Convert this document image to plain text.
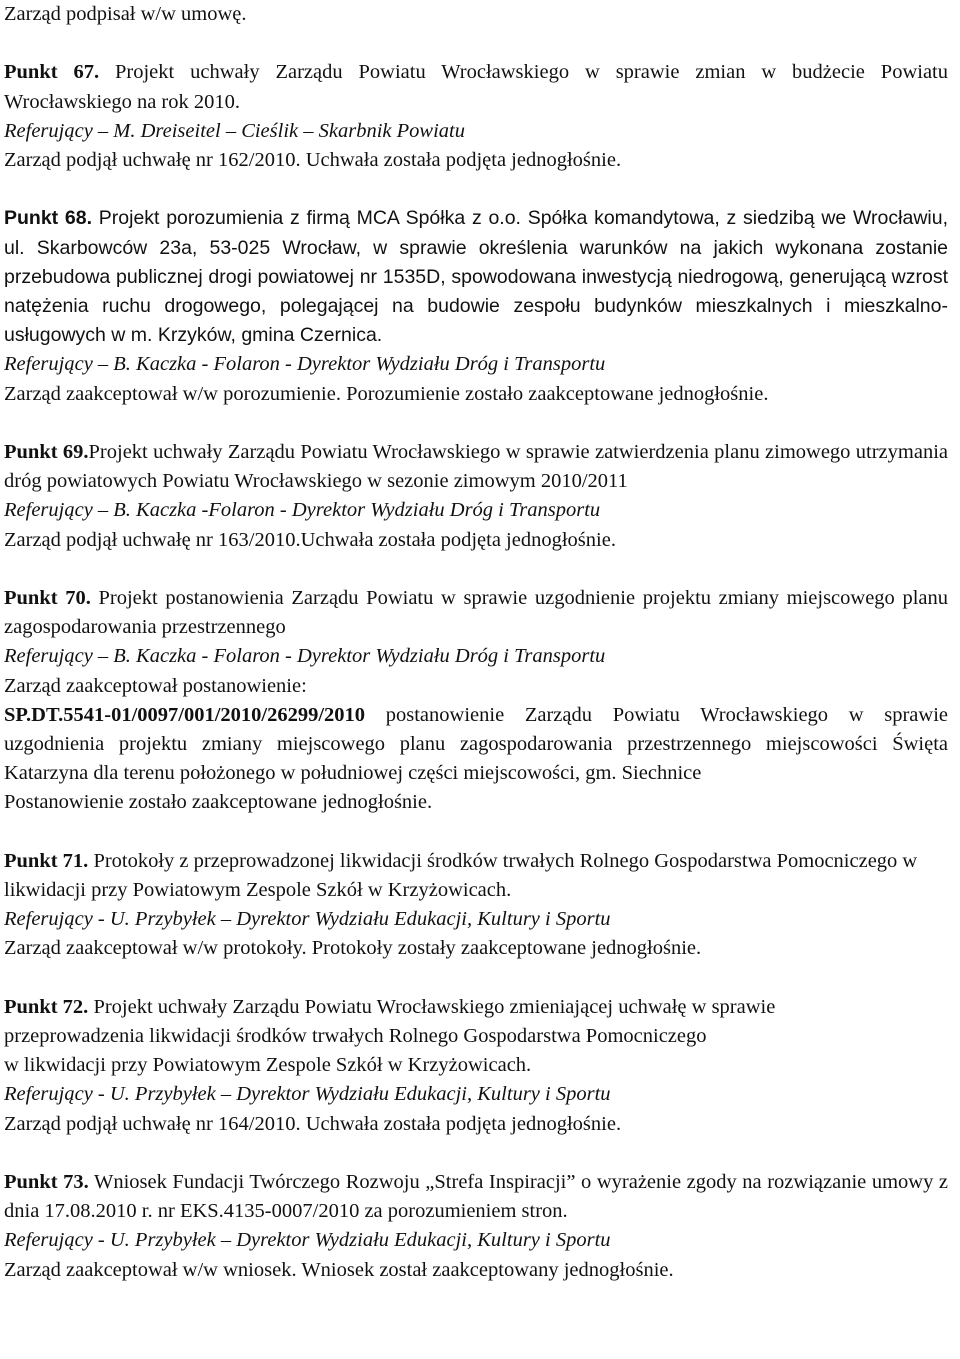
Zarząd podpisał w/w umowę.

Punkt 67. Projekt uchwały Zarządu Powiatu Wrocławskiego w sprawie zmian w budżecie Powiatu Wrocławskiego na rok 2010.

Referujący – M. Dreiseitel – Cieślik – Skarbnik Powiatu

Zarząd podjął uchwałę nr 162/2010. Uchwała została podjęta jednogłośnie.

Punkt 68. Projekt porozumienia z firmą MCA Spółka z o.o. Spółka komandytowa, z siedzibą we Wrocławiu, ul. Skarbowców 23a, 53-025 Wrocław, w sprawie określenia warunków na jakich wykonana zostanie przebudowa publicznej drogi powiatowej nr 1535D, spowodowana inwestycją niedrogową, generującą wzrost natężenia ruchu drogowego, polegającej na budowie zespołu budynków mieszkalnych i mieszkalno-usługowych w m. Krzyków, gmina Czernica.

Referujący – B. Kaczka - Folaron - Dyrektor Wydziału Dróg i Transportu

Zarząd zaakceptował w/w porozumienie. Porozumienie zostało zaakceptowane jednogłośnie.

Punkt 69.Projekt uchwały Zarządu Powiatu Wrocławskiego w sprawie zatwierdzenia planu zimowego utrzymania dróg powiatowych Powiatu Wrocławskiego w sezonie zimowym 2010/2011

Referujący – B. Kaczka -Folaron - Dyrektor Wydziału Dróg i Transportu

Zarząd podjął uchwałę nr 163/2010.Uchwała została podjęta jednogłośnie.

Punkt 70. Projekt postanowienia Zarządu Powiatu w sprawie uzgodnienie projektu zmiany miejscowego planu zagospodarowania przestrzennego

Referujący – B. Kaczka - Folaron - Dyrektor Wydziału Dróg i Transportu

Zarząd zaakceptował postanowienie:

SP.DT.5541-01/0097/001/2010/26299/2010 postanowienie Zarządu Powiatu Wrocławskiego w sprawie uzgodnienia projektu zmiany miejscowego planu zagospodarowania przestrzennego miejscowości Święta Katarzyna dla terenu położonego w południowej części miejscowości, gm. Siechnice

Postanowienie zostało zaakceptowane jednogłośnie.

Punkt 71. Protokoły z przeprowadzonej likwidacji środków trwałych Rolnego Gospodarstwa Pomocniczego w likwidacji przy Powiatowym Zespole Szkół w Krzyżowicach.

Referujący - U. Przybyłek – Dyrektor Wydziału Edukacji, Kultury i Sportu

Zarząd zaakceptował w/w protokoły. Protokoły zostały zaakceptowane jednogłośnie.

Punkt 72. Projekt uchwały Zarządu Powiatu Wrocławskiego zmieniającej uchwałę w sprawie

przeprowadzenia likwidacji środków trwałych Rolnego Gospodarstwa Pomocniczego

w likwidacji przy Powiatowym Zespole Szkół w Krzyżowicach.

Referujący - U. Przybyłek – Dyrektor Wydziału Edukacji, Kultury i Sportu

Zarząd podjął uchwałę nr 164/2010. Uchwała została podjęta jednogłośnie.

Punkt 73. Wniosek Fundacji Twórczego Rozwoju „Strefa Inspiracji” o wyrażenie zgody na rozwiązanie umowy z dnia 17.08.2010 r. nr EKS.4135-0007/2010 za porozumieniem stron.

Referujący - U. Przybyłek – Dyrektor Wydziału Edukacji, Kultury i Sportu

Zarząd zaakceptował w/w wniosek. Wniosek został zaakceptowany jednogłośnie.
